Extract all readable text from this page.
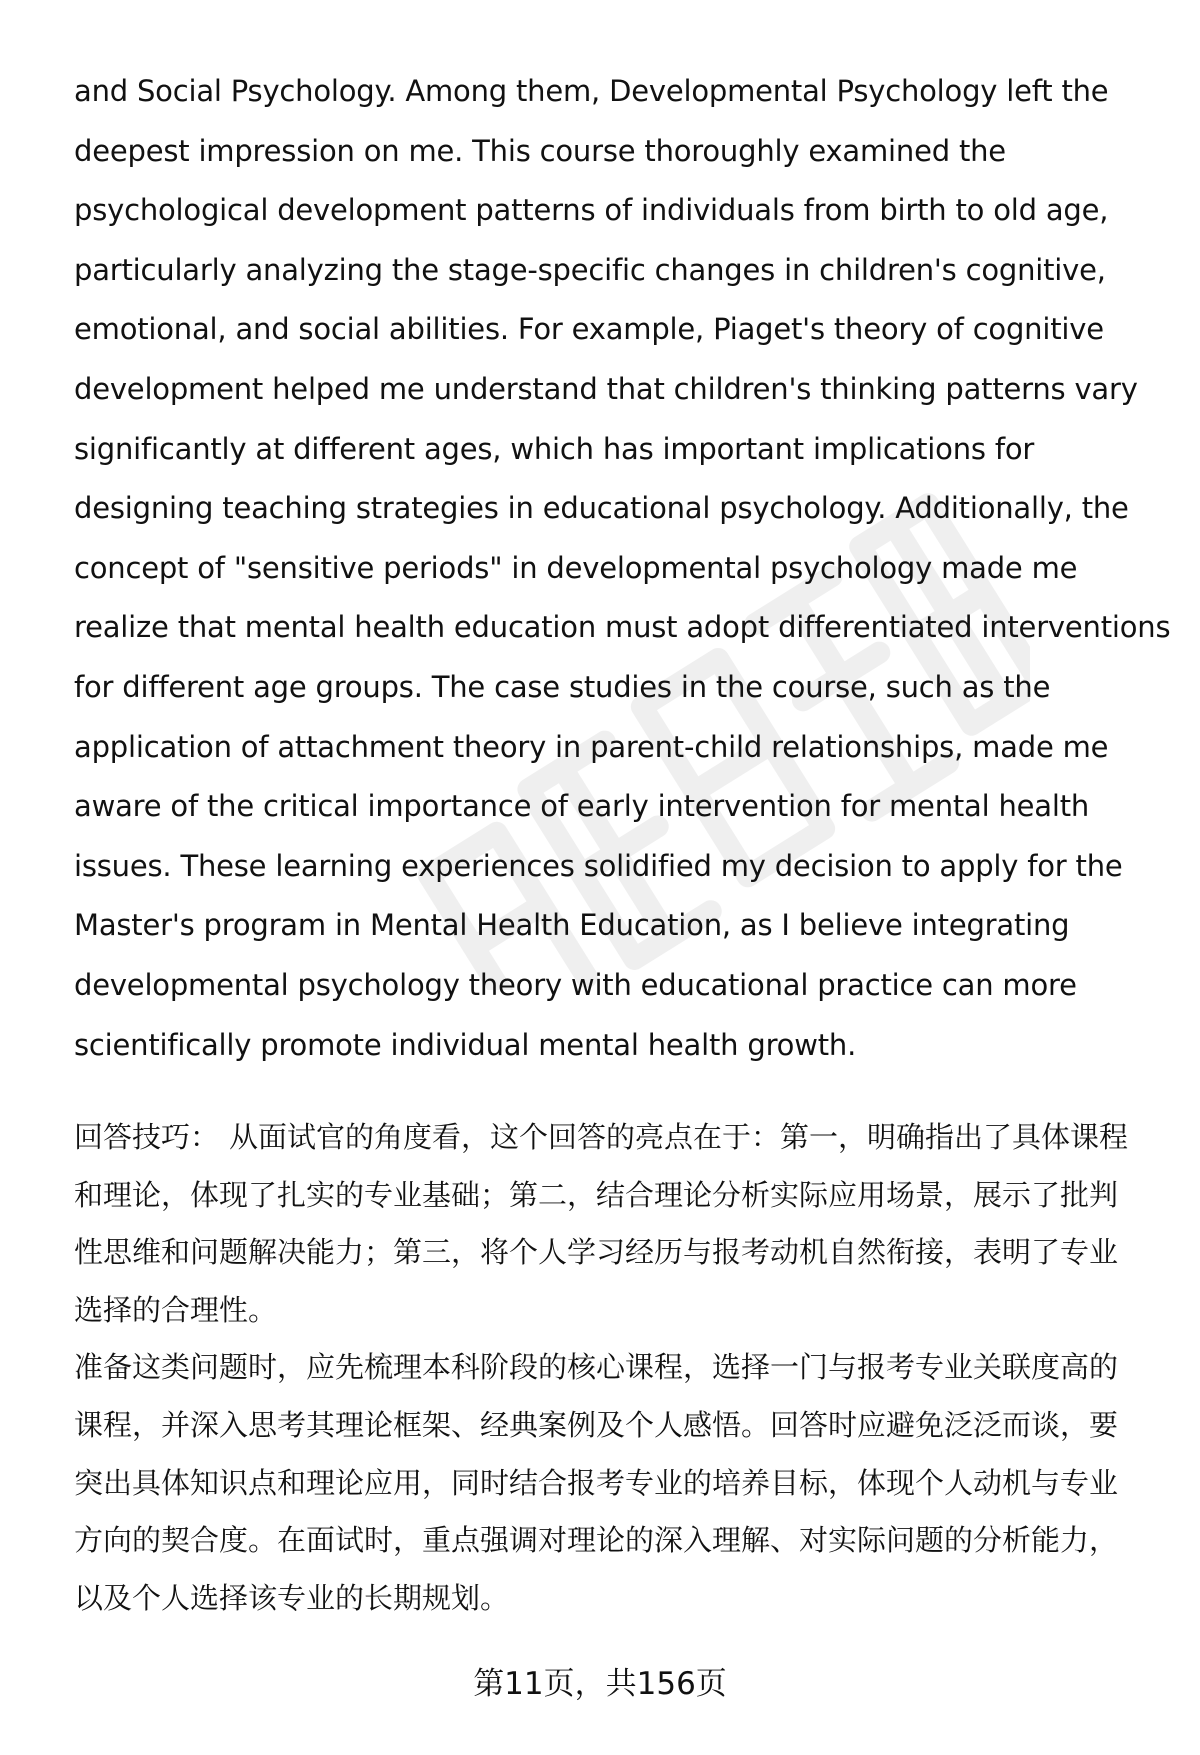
and Social Psychology. Among them, Developmental Psychology left the
deepest impression on me. This course thoroughly examined the
psychological development patterns of individuals from birth to old age,
particularly analyzing the stage-specific changes in children's cognitive,
emotional, and social abilities. For example, Piaget's theory of cognitive
development helped me understand that children's thinking patterns vary
significantly at different ages, which has important implications for
designing teaching strategies in educational psychology. Additionally, the
concept of "sensitive periods" in developmental psychology made me
realize that mental health education must adopt differentiated interventions
for different age groups. The case studies in the course, such as the
application of attachment theory in parent-child relationships, made me
aware of the critical importance of early intervention for mental health
issues. These learning experiences solidified my decision to apply for the
Master's program in Mental Health Education, as I believe integrating
developmental psychology theory with educational practice can more
scientifically promote individual mental health growth.

回答技巧： 从面试官的角度看，这个回答的亮点在于：第一，明确指出了具体课程
和理论，体现了扎实的专业基础；第二，结合理论分析实际应用场景，展示了批判
性思维和问题解决能力；第三，将个人学习经历与报考动机自然衔接，表明了专业
选择的合理性。
准备这类问题时，应先梳理本科阶段的核心课程，选择一门与报考专业关联度高的
课程，并深入思考其理论框架、经典案例及个人感悟。回答时应避免泛泛而谈，要
突出具体知识点和理论应用，同时结合报考专业的培养目标，体现个人动机与专业
方向的契合度。在面试时，重点强调对理论的深入理解、对实际问题的分析能力，
以及个人选择该专业的长期规划。
第11页，共156页
